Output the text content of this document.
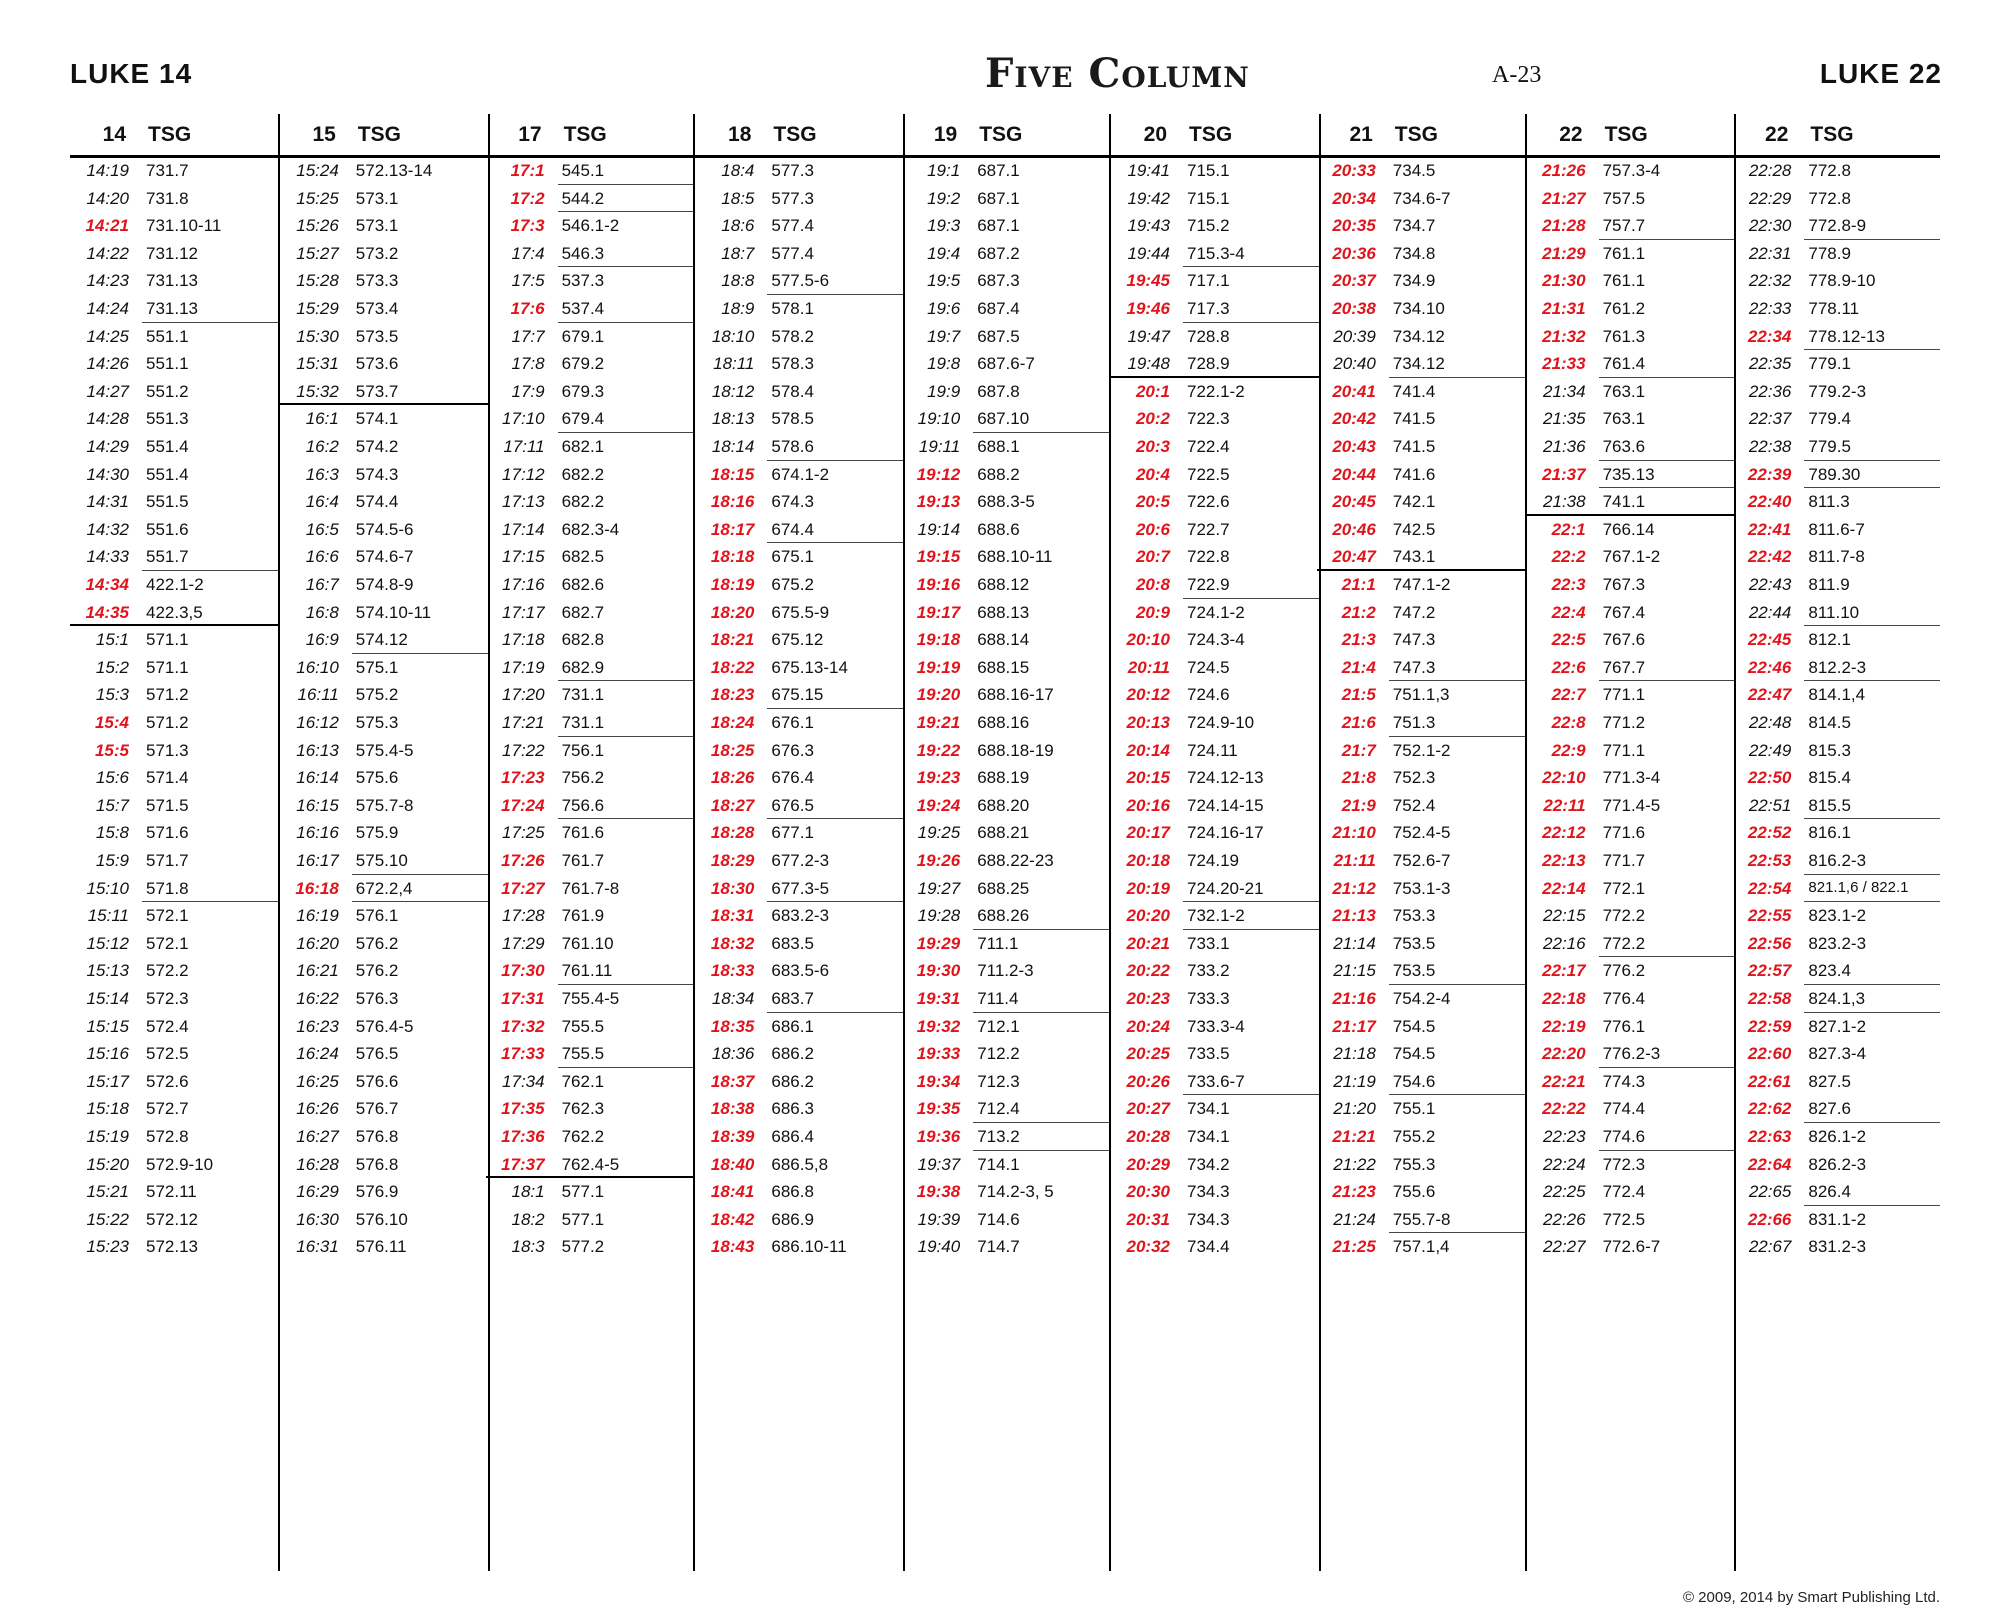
LUKE 14	Five Column	A-23	LUKE 22
14 TSG
14:19 731.7
14:20 731.8
14:21 731.10-11
14:22 731.12
14:23 731.13
14:24 731.13
14:25 551.1
14:26 551.1
14:27 551.2
14:28 551.3
14:29 551.4
14:30 551.4
14:31 551.5
14:32 551.6
14:33 551.7
14:34 422.1-2
14:35 422.3,5
15:1 571.1
15:2 571.1
15:3 571.2
15:4 571.2
15:5 571.3
15:6 571.4
15:7 571.5
15:8 571.6
15:9 571.7
15:10 571.8
15:11 572.1
15:12 572.1
15:13 572.2
15:14 572.3
15:15 572.4
15:16 572.5
15:17 572.6
15:18 572.7
15:19 572.8
15:20 572.9-10
15:21 572.11
15:22 572.12
15:23 572.13
15 TSG
15:24 572.13-14
15:25 573.1
15:26 573.1
15:27 573.2
15:28 573.3
15:29 573.4
15:30 573.5
15:31 573.6
15:32 573.7
16:1 574.1
16:2 574.2
16:3 574.3
16:4 574.4
16:5 574.5-6
16:6 574.6-7
16:7 574.8-9
16:8 574.10-11
16:9 574.12
16:10 575.1
16:11 575.2
16:12 575.3
16:13 575.4-5
16:14 575.6
16:15 575.7-8
16:16 575.9
16:17 575.10
16:18 672.2,4
16:19 576.1
16:20 576.2
16:21 576.2
16:22 576.3
16:23 576.4-5
16:24 576.5
16:25 576.6
16:26 576.7
16:27 576.8
16:28 576.8
16:29 576.9
16:30 576.10
16:31 576.11
17 TSG
17:1 545.1
17:2 544.2
17:3 546.1-2
17:4 546.3
17:5 537.3
17:6 537.4
17:7 679.1
17:8 679.2
17:9 679.3
17:10 679.4
17:11 682.1
17:12 682.2
17:13 682.2
17:14 682.3-4
17:15 682.5
17:16 682.6
17:17 682.7
17:18 682.8
17:19 682.9
17:20 731.1
17:21 731.1
17:22 756.1
17:23 756.2
17:24 756.6
17:25 761.6
17:26 761.7
17:27 761.7-8
17:28 761.9
17:29 761.10
17:30 761.11
17:31 755.4-5
17:32 755.5
17:33 755.5
17:34 762.1
17:35 762.3
17:36 762.2
17:37 762.4-5
18:1 577.1
18:2 577.1
18:3 577.2
18 TSG
18:4 577.3
18:5 577.3
18:6 577.4
18:7 577.4
18:8 577.5-6
18:9 578.1
18:10 578.2
18:11 578.3
18:12 578.4
18:13 578.5
18:14 578.6
18:15 674.1-2
18:16 674.3
18:17 674.4
18:18 675.1
18:19 675.2
18:20 675.5-9
18:21 675.12
18:22 675.13-14
18:23 675.15
18:24 676.1
18:25 676.3
18:26 676.4
18:27 676.5
18:28 677.1
18:29 677.2-3
18:30 677.3-5
18:31 683.2-3
18:32 683.5
18:33 683.5-6
18:34 683.7
18:35 686.1
18:36 686.2
18:37 686.2
18:38 686.3
18:39 686.4
18:40 686.5,8
18:41 686.8
18:42 686.9
18:43 686.10-11
19 TSG
19:1 687.1
19:2 687.1
19:3 687.1
19:4 687.2
19:5 687.3
19:6 687.4
19:7 687.5
19:8 687.6-7
19:9 687.8
19:10 687.10
19:11 688.1
19:12 688.2
19:13 688.3-5
19:14 688.6
19:15 688.10-11
19:16 688.12
19:17 688.13
19:18 688.14
19:19 688.15
19:20 688.16-17
19:21 688.16
19:22 688.18-19
19:23 688.19
19:24 688.20
19:25 688.21
19:26 688.22-23
19:27 688.25
19:28 688.26
19:29 711.1
19:30 711.2-3
19:31 711.4
19:32 712.1
19:33 712.2
19:34 712.3
19:35 712.4
19:36 713.2
19:37 714.1
19:38 714.2-3, 5
19:39 714.6
19:40 714.7
20 TSG
19:41 715.1
19:42 715.1
19:43 715.2
19:44 715.3-4
19:45 717.1
19:46 717.3
19:47 728.8
19:48 728.9
20:1 722.1-2
20:2 722.3
20:3 722.4
20:4 722.5
20:5 722.6
20:6 722.7
20:7 722.8
20:8 722.9
20:9 724.1-2
20:10 724.3-4
20:11 724.5
20:12 724.6
20:13 724.9-10
20:14 724.11
20:15 724.12-13
20:16 724.14-15
20:17 724.16-17
20:18 724.19
20:19 724.20-21
20:20 732.1-2
20:21 733.1
20:22 733.2
20:23 733.3
20:24 733.3-4
20:25 733.5
20:26 733.6-7
20:27 734.1
20:28 734.1
20:29 734.2
20:30 734.3
20:31 734.3
20:32 734.4
21 TSG
20:33 734.5
20:34 734.6-7
20:35 734.7
20:36 734.8
20:37 734.9
20:38 734.10
20:39 734.12
20:40 734.12
20:41 741.4
20:42 741.5
20:43 741.5
20:44 741.6
20:45 742.1
20:46 742.5
20:47 743.1
21:1 747.1-2
21:2 747.2
21:3 747.3
21:4 747.3
21:5 751.1,3
21:6 751.3
21:7 752.1-2
21:8 752.3
21:9 752.4
21:10 752.4-5
21:11 752.6-7
21:12 753.1-3
21:13 753.3
21:14 753.5
21:15 753.5
21:16 754.2-4
21:17 754.5
21:18 754.5
21:19 754.6
21:20 755.1
21:21 755.2
21:22 755.3
21:23 755.6
21:24 755.7-8
21:25 757.1,4
22 TSG
21:26 757.3-4
21:27 757.5
21:28 757.7
21:29 761.1
21:30 761.1
21:31 761.2
21:32 761.3
21:33 761.4
21:34 763.1
21:35 763.1
21:36 763.6
21:37 735.13
21:38 741.1
22:1 766.14
22:2 767.1-2
22:3 767.3
22:4 767.4
22:5 767.6
22:6 767.7
22:7 771.1
22:8 771.2
22:9 771.1
22:10 771.3-4
22:11 771.4-5
22:12 771.6
22:13 771.7
22:14 772.1
22:15 772.2
22:16 772.2
22:17 776.2
22:18 776.4
22:19 776.1
22:20 776.2-3
22:21 774.3
22:22 774.4
22:23 774.6
22:24 772.3
22:25 772.4
22:26 772.5
22:27 772.6-7
22 TSG
22:28 772.8
22:29 772.8
22:30 772.8-9
22:31 778.9
22:32 778.9-10
22:33 778.11
22:34 778.12-13
22:35 779.1
22:36 779.2-3
22:37 779.4
22:38 779.5
22:39 789.30
22:40 811.3
22:41 811.6-7
22:42 811.7-8
22:43 811.9
22:44 811.10
22:45 812.1
22:46 812.2-3
22:47 814.1,4
22:48 814.5
22:49 815.3
22:50 815.4
22:51 815.5
22:52 816.1
22:53 816.2-3
22:54 821.1,6 / 822.1
22:55 823.1-2
22:56 823.2-3
22:57 823.4
22:58 824.1,3
22:59 827.1-2
22:60 827.3-4
22:61 827.5
22:62 827.6
22:63 826.1-2
22:64 826.2-3
22:65 826.4
22:66 831.1-2
22:67 831.2-3
© 2009, 2014 by Smart Publishing Ltd.
